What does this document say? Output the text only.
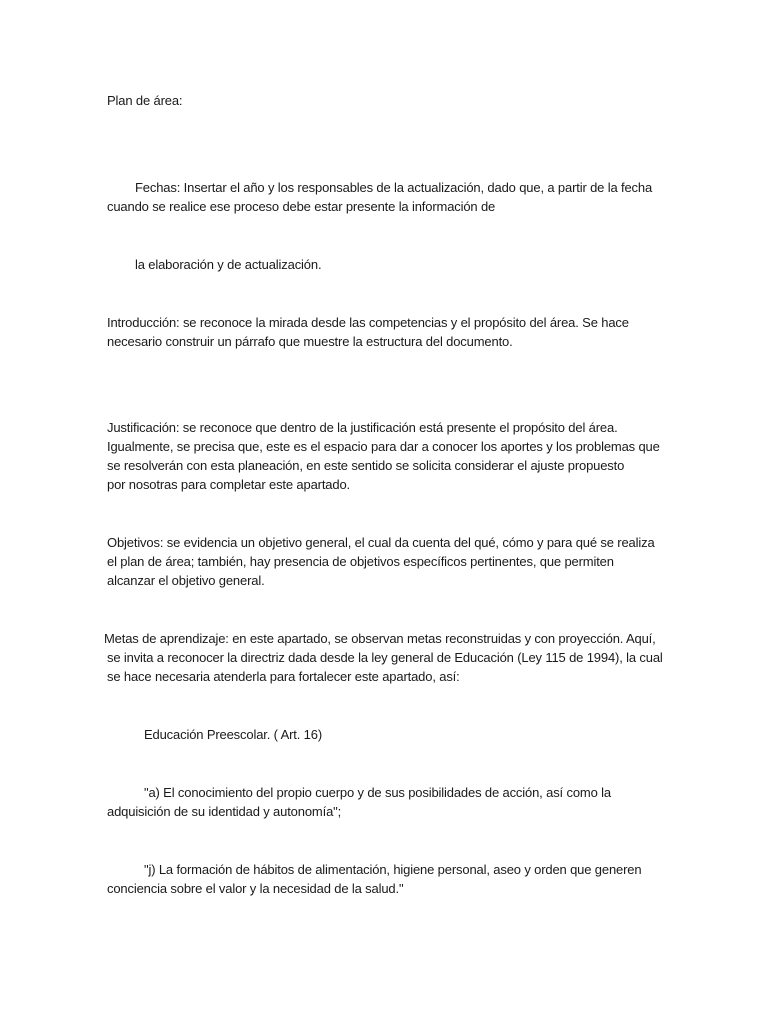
Plan de área:
Fechas: Insertar el año y los responsables de la actualización, dado que, a partir de la fecha
cuando se realice ese proceso debe estar presente la información de
la elaboración y de actualización.
Introducción: se reconoce la mirada desde las competencias y el propósito del área. Se hace
necesario construir un párrafo que muestre la estructura del documento.
Justificación: se reconoce que dentro de la justificación está presente el propósito del área.
Igualmente, se precisa que, este es el espacio para dar a conocer los aportes y los problemas que
se resolverán con esta planeación, en este sentido se solicita considerar el ajuste propuesto
por nosotras para completar este apartado.
Objetivos: se evidencia un objetivo general, el cual da cuenta del qué, cómo y para qué se realiza
el plan de área; también, hay presencia de objetivos específicos pertinentes, que permiten
alcanzar el objetivo general.
Metas de aprendizaje: en este apartado, se observan metas reconstruidas y con proyección. Aquí,
se invita a reconocer la directriz dada desde la ley general de Educación (Ley 115 de 1994), la cual
se hace necesaria atenderla para fortalecer este apartado, así:
Educación Preescolar. ( Art. 16)
"a) El conocimiento del propio cuerpo y de sus posibilidades de acción, así como la
adquisición de su identidad y autonomía";
"j) La formación de hábitos de alimentación, higiene personal, aseo y orden que generen
conciencia sobre el valor y la necesidad de la salud."
